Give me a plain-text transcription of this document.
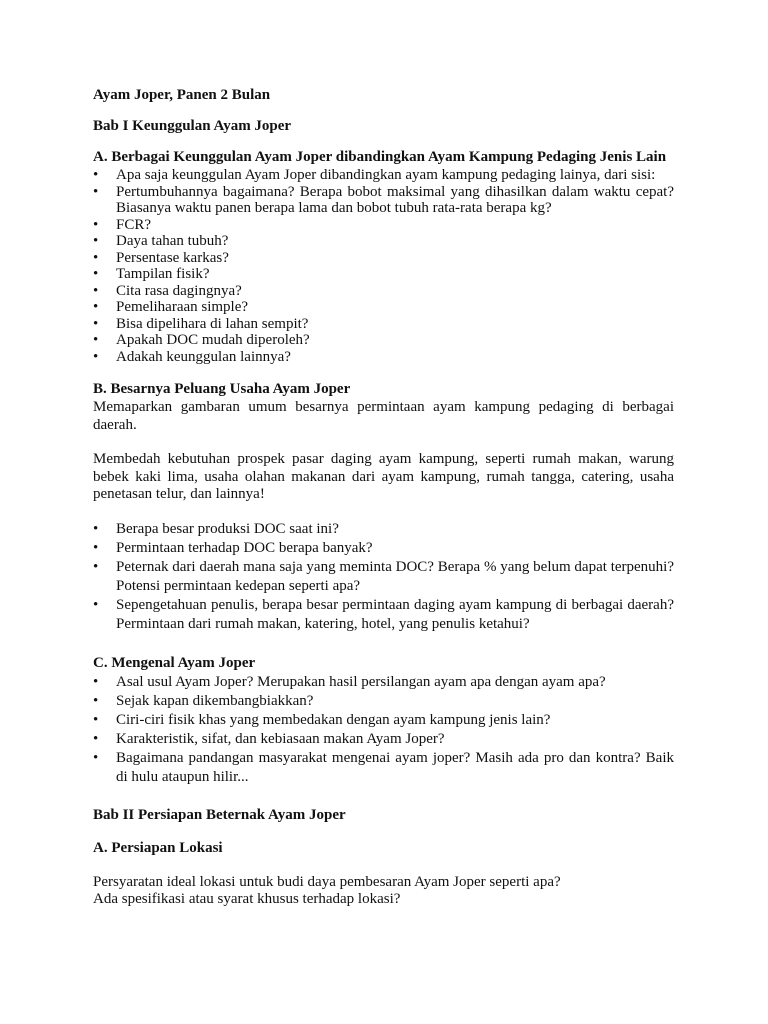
Ayam Joper, Panen 2 Bulan
Bab I Keunggulan Ayam Joper
A. Berbagai Keunggulan Ayam Joper dibandingkan Ayam Kampung Pedaging Jenis Lain
• Apa saja keunggulan Ayam Joper dibandingkan ayam kampung pedaging lainya, dari sisi:
• Pertumbuhannya bagaimana? Berapa bobot maksimal yang dihasilkan dalam waktu cepat? Biasanya waktu panen berapa lama dan bobot tubuh rata-rata berapa kg?
• FCR?
• Daya tahan tubuh?
• Persentase karkas?
• Tampilan fisik?
• Cita rasa dagingnya?
• Pemeliharaan simple?
• Bisa dipelihara di lahan sempit?
• Apakah DOC mudah diperoleh?
• Adakah keunggulan lainnya?
B. Besarnya Peluang Usaha Ayam Joper

Memaparkan gambaran umum besarnya permintaan ayam kampung pedaging di berbagai daerah.

Membedah kebutuhan prospek pasar daging ayam kampung, seperti rumah makan, warung bebek kaki lima, usaha olahan makanan dari ayam kampung, rumah tangga, catering, usaha penetasan telur, dan lainnya!

• Berapa besar produksi DOC saat ini?
• Permintaan terhadap DOC berapa banyak?
• Peternak dari daerah mana saja yang meminta DOC? Berapa % yang belum dapat terpenuhi? Potensi permintaan kedepan seperti apa?
• Sepengetahuan penulis, berapa besar permintaan daging ayam kampung di berbagai daerah? Permintaan dari rumah makan, katering, hotel, yang penulis ketahui?
C. Mengenal Ayam Joper
• Asal usul Ayam Joper? Merupakan hasil persilangan ayam apa dengan ayam apa?
• Sejak kapan dikembangbiakkan?
• Ciri-ciri fisik khas yang membedakan dengan ayam kampung jenis lain?
• Karakteristik, sifat, dan kebiasaan makan Ayam Joper?
• Bagaimana pandangan masyarakat mengenai ayam joper? Masih ada pro dan kontra? Baik di hulu ataupun hilir...
Bab II Persiapan Beternak Ayam Joper
A. Persiapan Lokasi

Persyaratan ideal lokasi untuk budi daya pembesaran Ayam Joper seperti apa?

Ada spesifikasi atau syarat khusus terhadap lokasi?
